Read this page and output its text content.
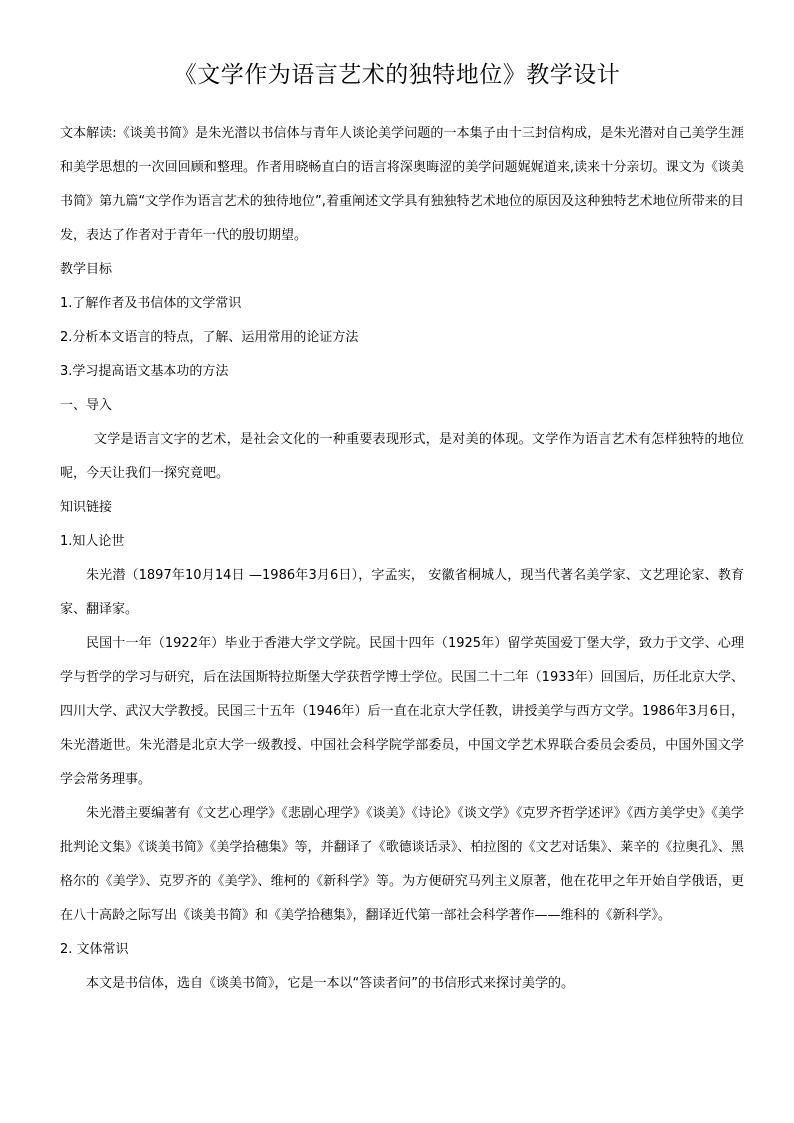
《文学作为语言艺术的独特地位》教学设计

文本解读:《谈美书简》是朱光潜以书信体与青年人谈论美学问题的一本集子由十三封信构成，是朱光潜对自己美学生涯和美学思想的一次回回顾和整理。作者用晓畅直白的语言将深奥晦涩的美学问题娓娓道来,读来十分亲切。课文为《谈美书简》第九篇“文学作为语言艺术的独待地位”,着重阐述文学具有独独特艺术地位的原因及这种独特艺术地位所带来的目发，表达了作者对于青年一代的殷切期望。

教学目标

1.了解作者及书信体的文学常识

2.分析本文语言的特点，了解、运用常用的论证方法

3.学习提高语文基本功的方法

一、导入

文学是语言文字的艺术，是社会文化的一种重要表现形式，是对美的体现。文学作为语言艺术有怎样独特的地位呢，今天让我们一探究竟吧。

知识链接

1.知人论世

朱光潜（1897年10月14日 —1986年3月6日），字孟实， 安徽省桐城人，现当代著名美学家、文艺理论家、教育家、翻译家。

民国十一年（1922年）毕业于香港大学文学院。民国十四年（1925年）留学英国爱丁堡大学，致力于文学、心理学与哲学的学习与研究，后在法国斯特拉斯堡大学获哲学博士学位。民国二十二年（1933年）回国后，历任北京大学、四川大学、武汉大学教授。民国三十五年（1946年）后一直在北京大学任教，讲授美学与西方文学。1986年3月6日，朱光潜逝世。朱光潜是北京大学一级教授、中国社会科学院学部委员，中国文学艺术界联合委员会委员，中国外国文学学会常务理事。

朱光潜主要编著有《文艺心理学》《悲剧心理学》《谈美》《诗论》《谈文学》《克罗齐哲学述评》《西方美学史》《美学批判论文集》《谈美书简》《美学拾穗集》等，并翻译了《歌德谈话录》、柏拉图的《文艺对话集》、莱辛的《拉奥孔》、黑格尔的《美学》、克罗齐的《美学》、维柯的《新科学》等。为方便研究马列主义原著，他在花甲之年开始自学俄语，更在八十高龄之际写出《谈美书简》和《美学拾穗集》，翻译近代第一部社会科学著作——维科的《新科学》。

2. 文体常识

本文是书信体，选自《谈美书简》，它是一本以“答读者问”的书信形式来探讨美学的。
